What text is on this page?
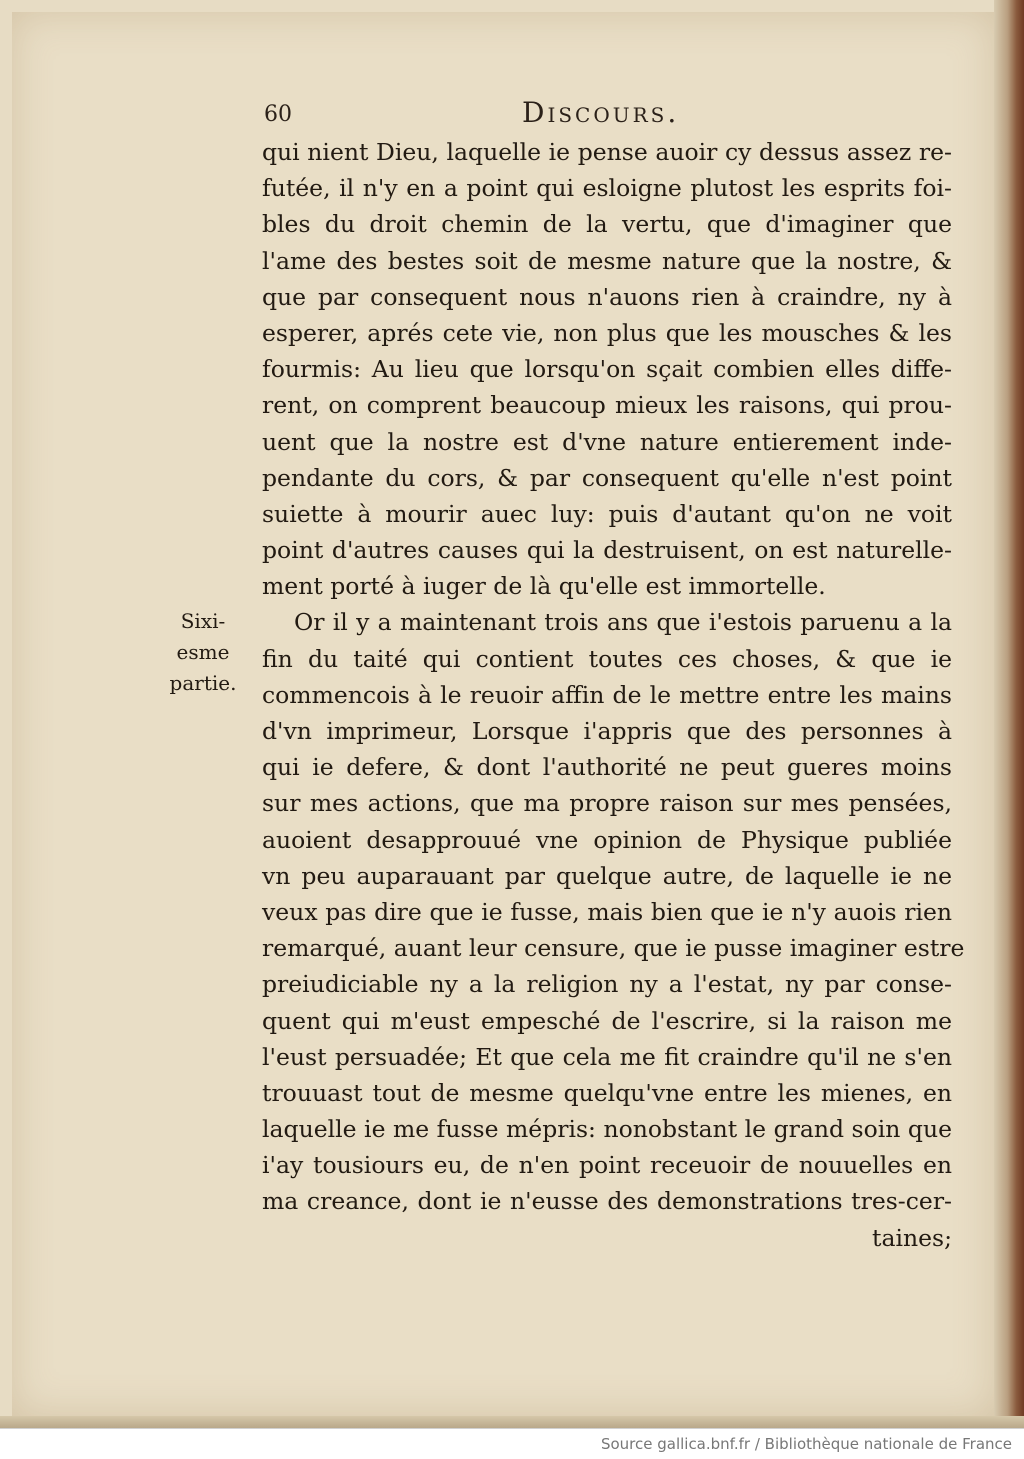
60	Discours.
Sixi-
esme
partie.
qui nient Dieu, laquelle ie pense auoir cy dessus assez re-
futée, il n'y en a point qui esloigne plutost les esprits foi-
bles du droit chemin de la vertu, que d'imaginer que
l'ame des bestes soit de mesme nature que la nostre, &
que par consequent nous n'auons rien à craindre, ny à
esperer, aprés cete vie, non plus que les mousches & les
fourmis: Au lieu que lorsqu'on sçait combien elles diffe-
rent, on comprent beaucoup mieux les raisons, qui prou-
uent que la nostre est d'vne nature entierement inde-
pendante du cors, & par consequent qu'elle n'est point
suiette à mourir auec luy: puis d'autant qu'on ne voit
point d'autres causes qui la destruisent, on est naturelle-
ment porté à iuger de là qu'elle est immortelle.
Or il y a maintenant trois ans que i'estois paruenu a la
fin du taité qui contient toutes ces choses, & que ie
commencois à le reuoir affin de le mettre entre les mains
d'vn imprimeur, Lorsque i'appris que des personnes à
qui ie defere, & dont l'authorité ne peut gueres moins
sur mes actions, que ma propre raison sur mes pensées,
auoient desapprouué vne opinion de Physique publiée
vn peu auparauant par quelque autre, de laquelle ie ne
veux pas dire que ie fusse, mais bien que ie n'y auois rien
remarqué, auant leur censure, que ie pusse imaginer estre
preiudiciable ny a la religion ny a l'estat, ny par conse-
quent qui m'eust empesché de l'escrire, si la raison me
l'eust persuadée; Et que cela me fit craindre qu'il ne s'en
trouuast tout de mesme quelqu'vne entre les mienes, en
laquelle ie me fusse mépris: nonobstant le grand soin que
i'ay tousiours eu, de n'en point receuoir de nouuelles en
ma creance, dont ie n'eusse des demonstrations tres-cer-
taines;
Source gallica.bnf.fr / Bibliothèque nationale de France
